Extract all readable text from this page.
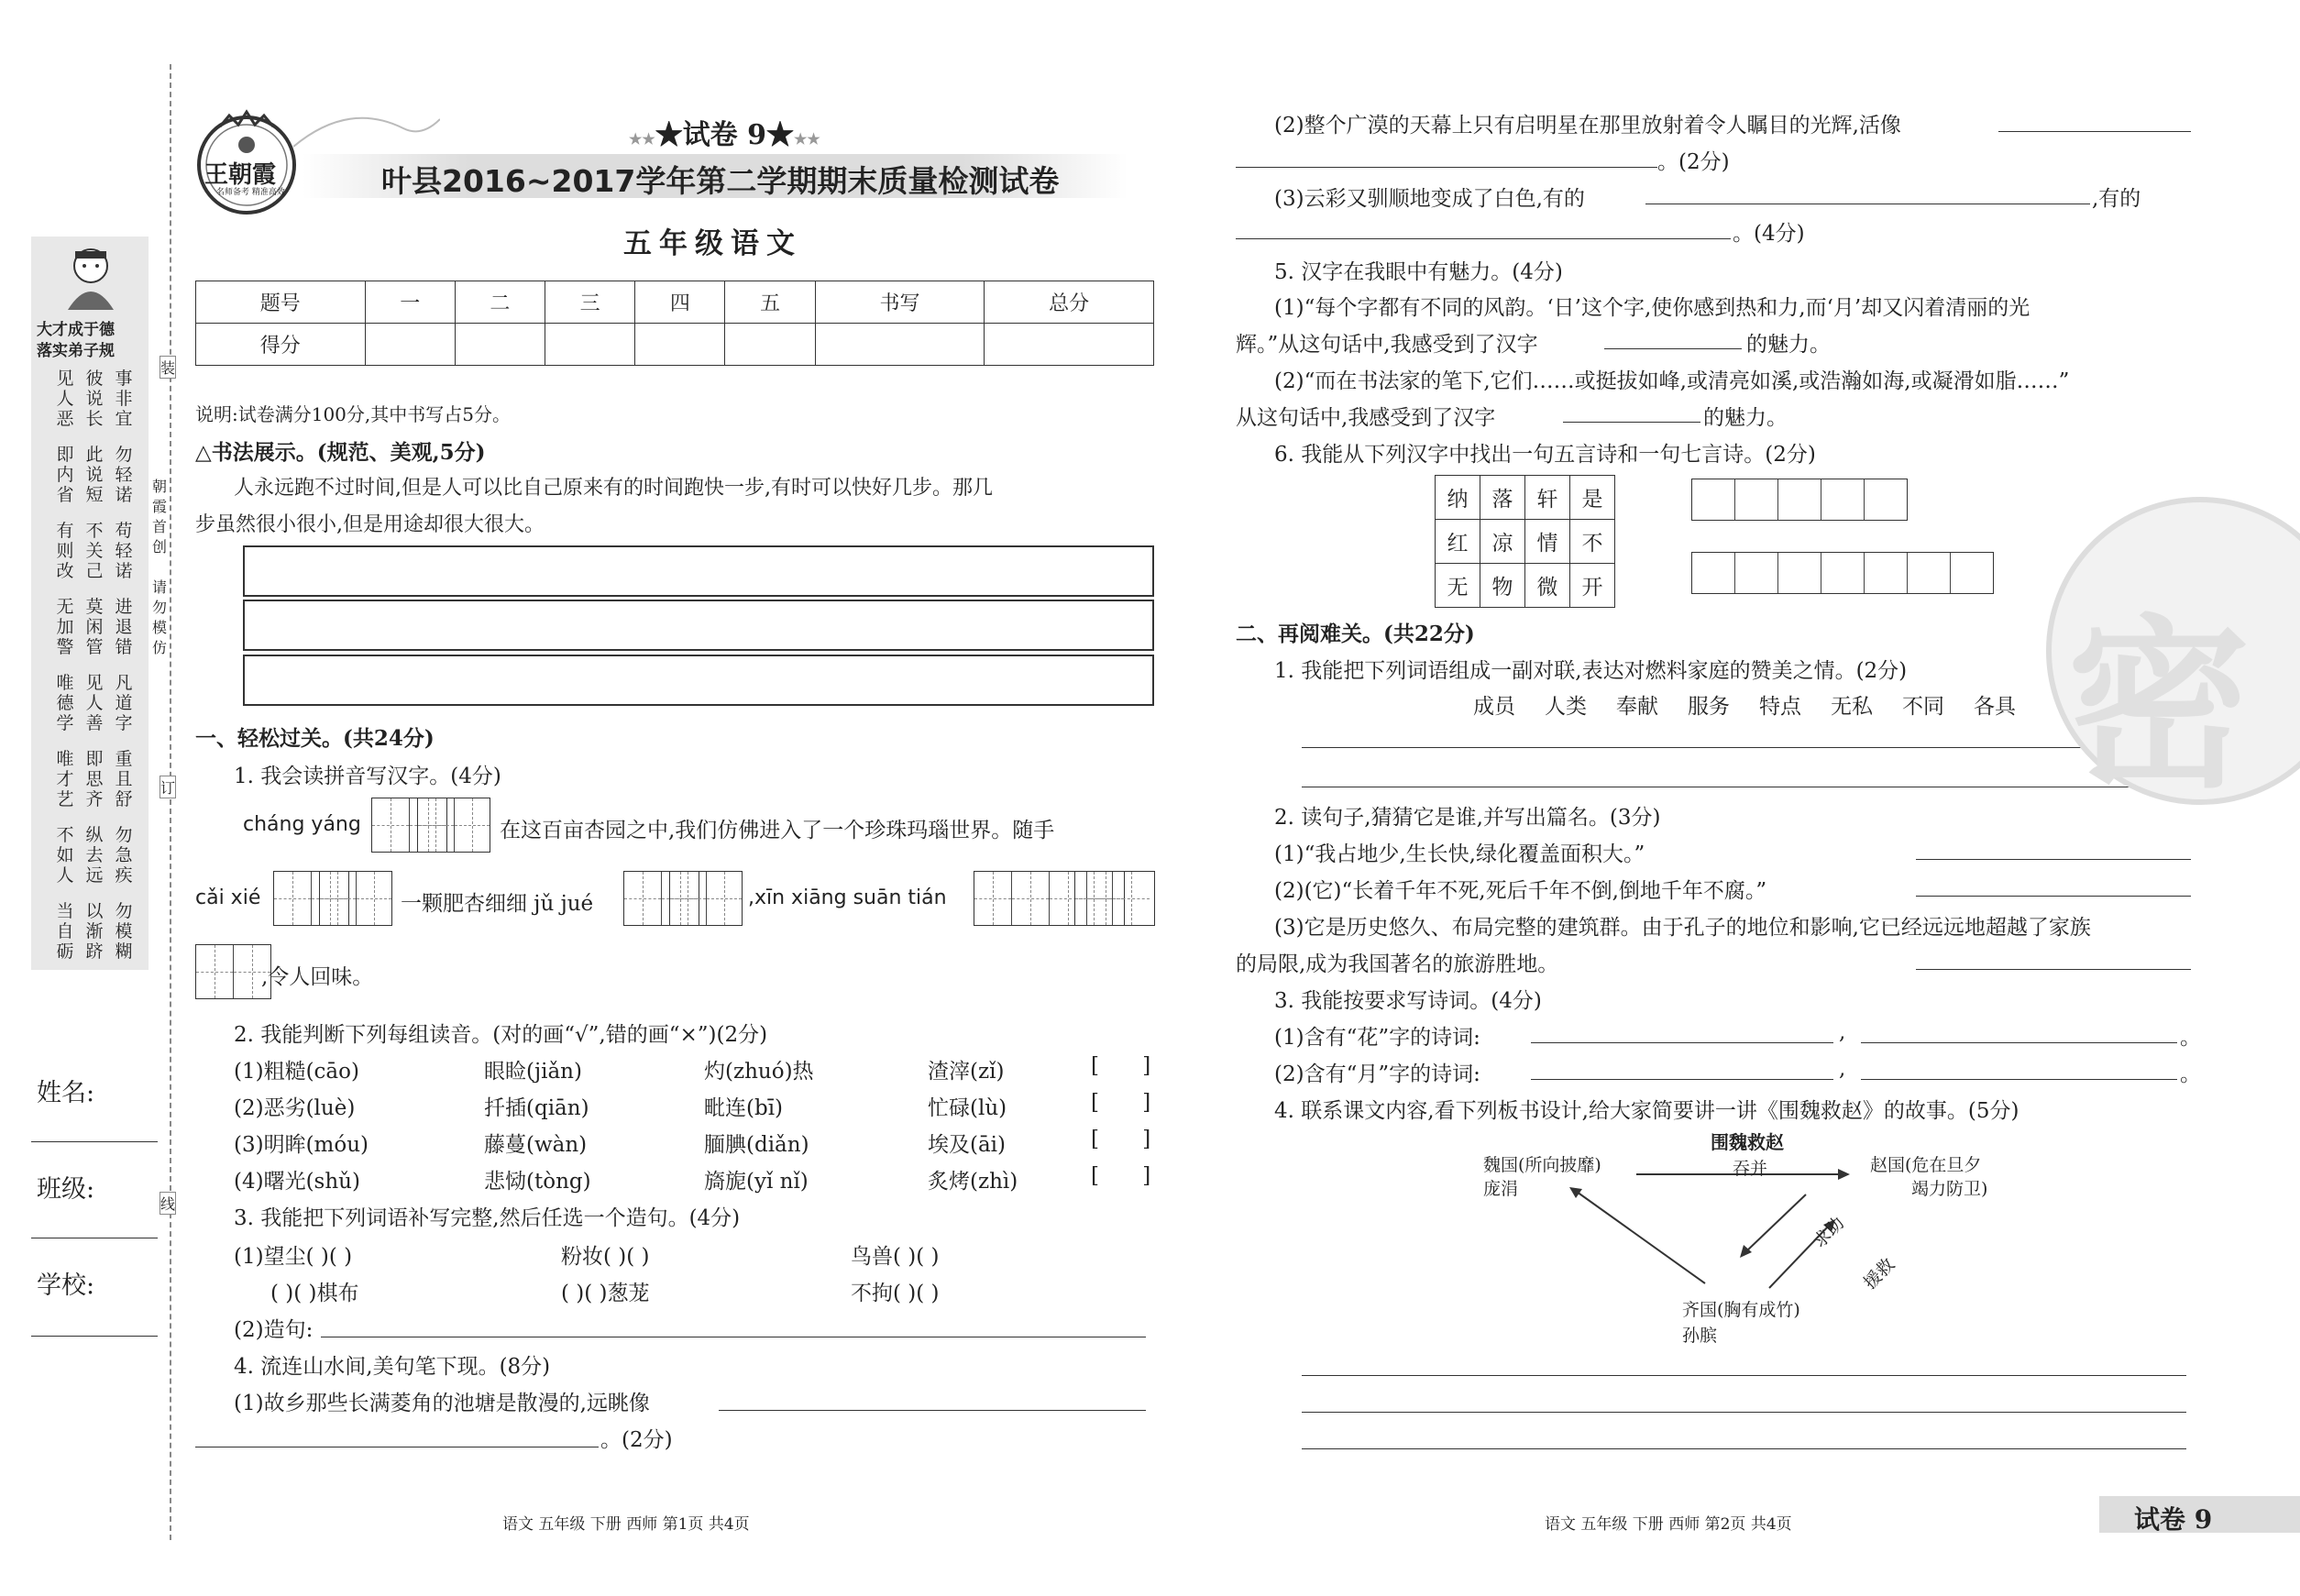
大才成于德
落实弟子规
见人恶
彼说长
事非宜
即内省
此说短
勿轻诺
有则改
不关己
苟轻诺
无加警
莫闲管
进退错
唯德学
见人善
凡道字
唯才艺
即思齐
重且舒
不如人
纵去远
勿急疾
当自砺
以渐跻
勿模糊
姓名:
班级:
学校:
装
订
线
朝霞首创
请勿模仿
王朝霞
名师备考 精准高效
★★★试卷 9★★★
叶县2016~2017学年第二学期期末质量检测试卷
五年级语文
题号	一	二	三	四	五	书写	总分
得分							
说明:试卷满分100分,其中书写占5分。
△书法展示。(规范、美观,5分)
人永远跑不过时间,但是人可以比自己原来有的时间跑快一步,有时可以快好几步。那几
步虽然很小很小,但是用途却很大很大。
一、轻松过关。(共24分)
1. 我会读拼音写汉字。(4分)
cháng yáng	在这百亩杏园之中,我们仿佛进入了一个珍珠玛瑙世界。随手
cǎi xié	一颗肥杏细细 jǔ jué	,xīn xiāng suān tián
,令人回味。
2. 我能判断下列每组读音。(对的画“√”,错的画“×”)(2分)
(1)粗糙(cāo)	眼睑(jiǎn)	灼(zhuó)热	渣滓(zǐ)	[ ]
(2)恶劣(luè)	扦插(qiān)	毗连(bī)	忙碌(lù)	[ ]
(3)明眸(móu)	藤蔓(wàn)	腼腆(diǎn)	埃及(āi)	[ ]
(4)曙光(shǔ)	悲恸(tòng)	旖旎(yǐ nǐ)	炙烤(zhì)	[ ]
3. 我能把下列词语补写完整,然后任选一个造句。(4分)
(1)望尘( )( )	粉妆( )( )	鸟兽( )( )
( )( )棋布	( )( )葱茏	不拘( )( )
(2)造句:
4. 流连山水间,美句笔下现。(8分)
(1)故乡那些长满菱角的池塘是散漫的,远眺像
。(2分)
语文 五年级 下册 西师 第1页 共4页
(2)整个广漠的天幕上只有启明星在那里放射着令人瞩目的光辉,活像
。(2分)
(3)云彩又驯顺地变成了白色,有的	,有的
。(4分)
5. 汉字在我眼中有魅力。(4分)
(1)“每个字都有不同的风韵。‘日’这个字,使你感到热和力,而‘月’却又闪着清丽的光
辉。”从这句话中,我感受到了汉字	的魅力。
(2)“而在书法家的笔下,它们……或挺拔如峰,或清亮如溪,或浩瀚如海,或凝滑如脂……”
从这句话中,我感受到了汉字	的魅力。
6. 我能从下列汉字中找出一句五言诗和一句七言诗。(2分)
纳	落	轩	是
红	凉	情	不
无	物	微	开
二、再阅难关。(共22分)
1. 我能把下列词语组成一副对联,表达对燃料家庭的赞美之情。(2分)
成员 人类 奉献 服务 特点 无私 不同 各具
2. 读句子,猜猜它是谁,并写出篇名。(3分)
(1)“我占地少,生长快,绿化覆盖面积大。”
(2)(它)“长着千年不死,死后千年不倒,倒地千年不腐。”
(3)它是历史悠久、布局完整的建筑群。由于孔子的地位和影响,它已经远远地超越了家族
的局限,成为我国著名的旅游胜地。
3. 我能按要求写诗词。(4分)
(1)含有“花”字的诗词:	,	。
(2)含有“月”字的诗词:	,	。
4. 联系课文内容,看下列板书设计,给大家简要讲一讲《围魏救赵》的故事。(5分)
围魏救赵
魏国(所向披靡)
庞涓
吞并	赵国(危在旦夕
竭力防卫)
求助
援救
齐国(胸有成竹)
孙膑
语文 五年级 下册 西师 第2页 共4页	试卷 9
密
